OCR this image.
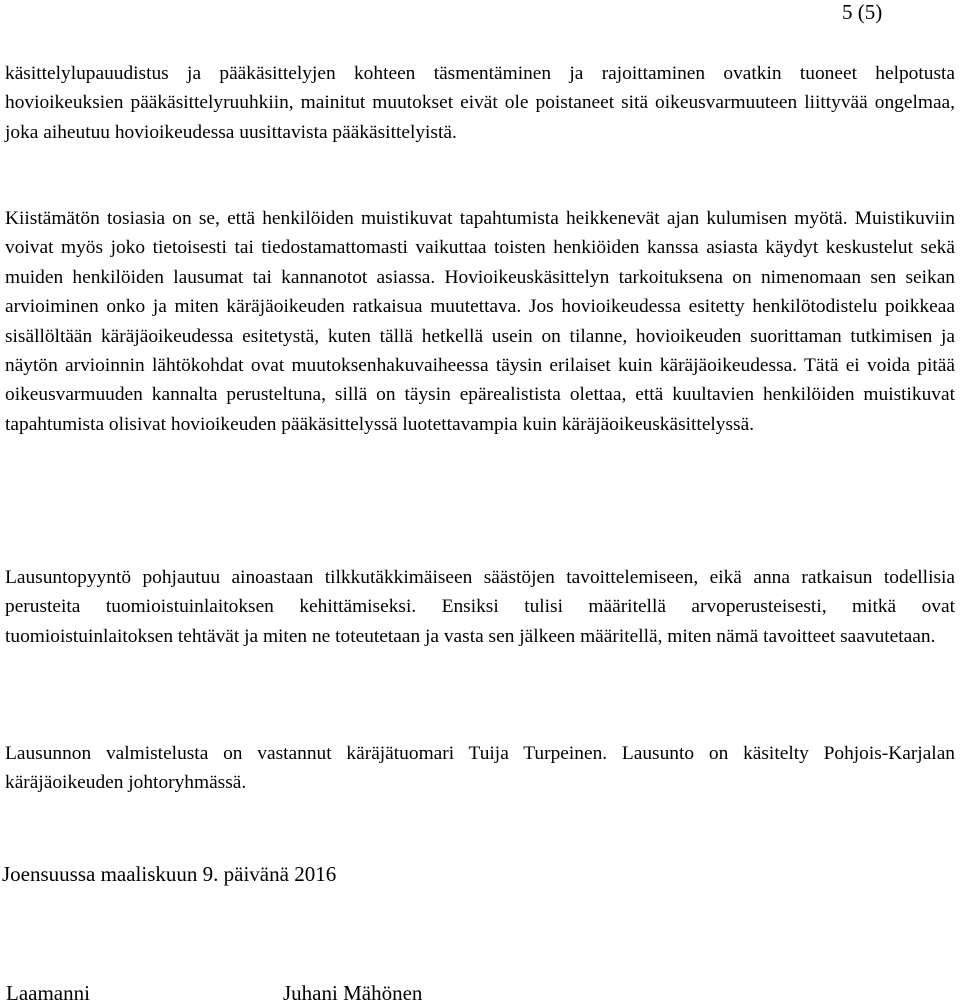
5 (5)

käsittelylupauudistus ja pääkäsittelyjen kohteen täsmentäminen ja rajoittaminen ovatkin tuoneet helpotusta hovioikeuksien pääkäsittelyruuhkiin, mainitut muutokset eivät ole poistaneet sitä oikeusvarmuuteen liittyvää ongelmaa, joka aiheutuu hovioikeudessa uusittavista pääkäsittelyistä.

Kiistämätön tosiasia on se, että henkilöiden muistikuvat tapahtumista heikkenevät ajan kulumisen myötä. Muistikuviin voivat myös joko tietoisesti tai tiedostamattomasti vaikuttaa toisten henkiöiden kanssa asiasta käydyt keskustelut sekä muiden henkilöiden lausumat tai kannanotot asiassa. Hovioikeuskäsittelyn tarkoituksena on nimenomaan sen seikan arvioiminen onko ja miten käräjäoikeuden ratkaisua muutettava. Jos hovioikeudessa esitetty henkilötodistelu poikkeaa sisällöltään käräjäoikeudessa esitetystä, kuten tällä hetkellä usein on tilanne, hovioikeuden suorittaman tutkimisen ja näytön arvioinnin lähtökohdat ovat muutoksenhakuvaiheessa täysin erilaiset kuin käräjäoikeudessa. Tätä ei voida pitää oikeusvarmuuden kannalta perusteltuna, sillä on täysin epärealistista olettaa, että kuultavien henkilöiden muistikuvat tapahtumista olisivat hovioikeuden pääkäsittelyssä luotettavampia kuin käräjäoikeuskäsittelyssä.

Lausuntopyyntö pohjautuu ainoastaan tilkkutäkkimäiseen säästöjen tavoittelemiseen, eikä anna ratkaisun todellisia perusteita tuomioistuinlaitoksen kehittämiseksi. Ensiksi tulisi määritellä arvoperusteisesti, mitkä ovat tuomioistuinlaitoksen tehtävät ja miten ne toteutetaan ja vasta sen jälkeen määritellä, miten nämä tavoitteet saavutetaan.

Lausunnon valmistelusta on vastannut käräjätuomari Tuija Turpeinen. Lausunto on käsitelty Pohjois-Karjalan käräjäoikeuden johtoryhmässä.

Joensuussa maaliskuun 9. päivänä 2016
Laamanni	Juhani Mähönen
